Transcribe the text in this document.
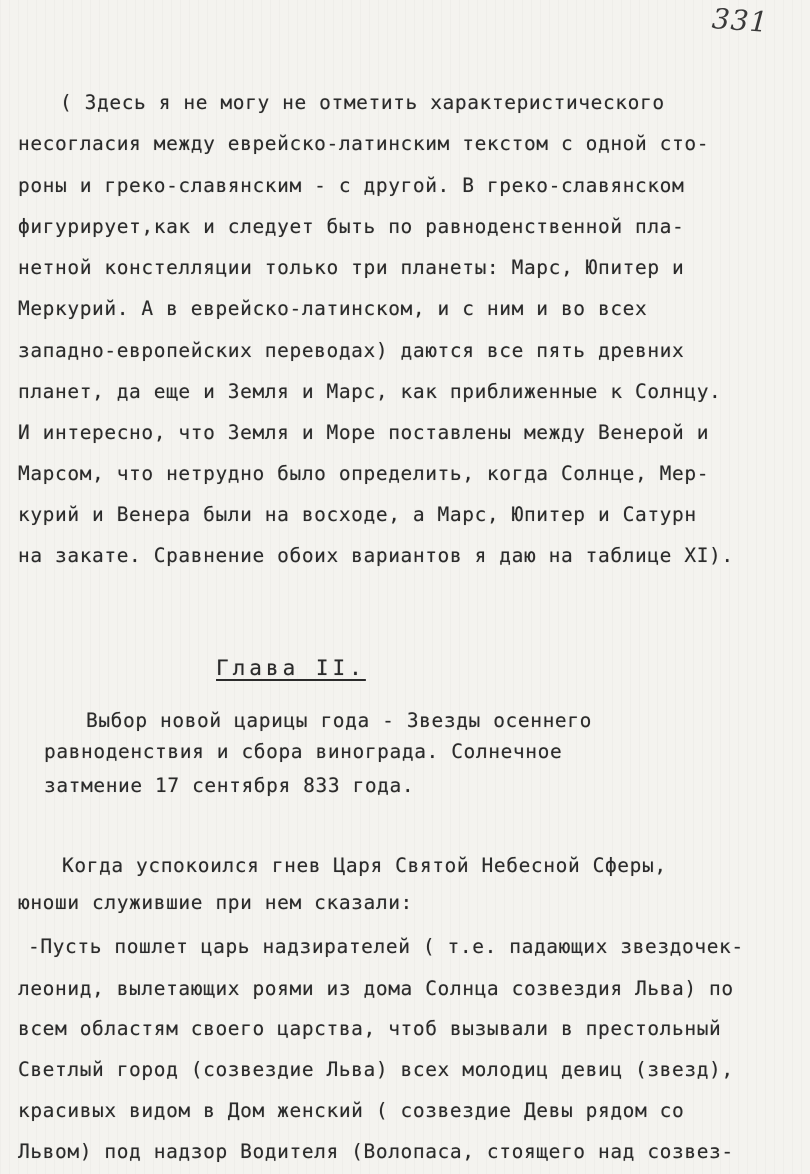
331
( Здесь я не могу не отметить характеристического
несогласия между еврейско-латинским текстом с одной сто-
роны и греко-славянским - с другой. В греко-славянском
фигурирует,как и следует быть по равноденственной пла-
нетной констелляции только три планеты: Марс, Юпитер и
Меркурий. А в еврейско-латинском, и с ним и во всех
западно-европейских переводах) даются все пять древних
планет, да еще и Земля и Марс, как приближенные к Солнцу.
И интересно, что Земля и Море поставлены между Венерой и
Марсом, что нетрудно было определить, когда Солнце, Мер-
курий и Венера были на восходе, а Марс, Юпитер и Сатурн
на закате. Сравнение обоих вариантов я даю на таблице XI).
Глава II.
Выбор новой царицы года - Звезды осеннего
равноденствия и сбора винограда. Солнечное
затмение 17 сентября 833 года.
Когда успокоился гнев Царя Святой Небесной Сферы,
юноши служившие при нем сказали:
-Пусть пошлет царь надзирателей ( т.е. падающих звездочек-
леонид, вылетающих роями из дома Солнца созвездия Льва) по
всем областям своего царства, чтоб вызывали в престольный
Светлый город (созвездие Льва) всех молодиц девиц (звезд),
красивых видом в Дом женский ( созвездие Девы рядом со
Львом) под надзор Водителя (Волопаса, стоящего над созвез-
